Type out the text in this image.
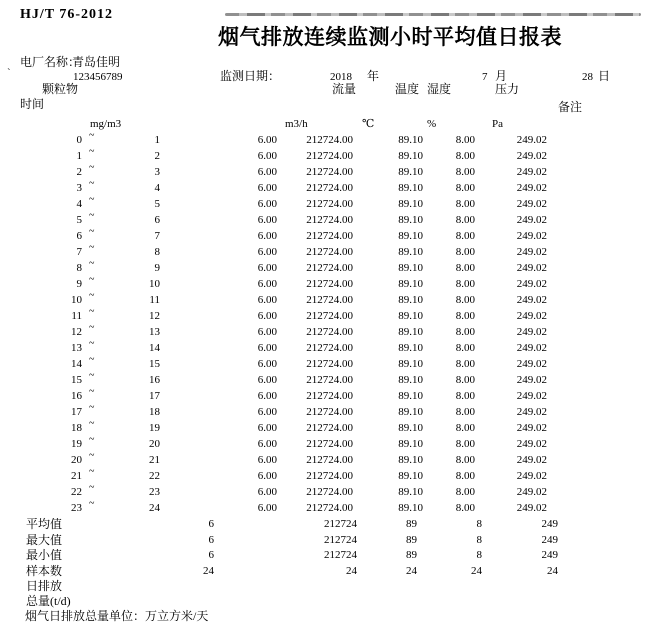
HJ/T 76-2012
烟气排放连续监测小时平均值日报表
电厂名称：
青岛佳明
`	123456789	监测日期：	2018 年	7 月	28 日
颗粒物	流量	温度 湿度	压力
时间	备注
mg/m3	m3/h	℃	%	Pa
0 ~	1	6.00	212724.00	89.10	8.00	249.02
1 ~	2	6.00	212724.00	89.10	8.00	249.02
2 ~	3	6.00	212724.00	89.10	8.00	249.02
3 ~	4	6.00	212724.00	89.10	8.00	249.02
4 ~	5	6.00	212724.00	89.10	8.00	249.02
5 ~	6	6.00	212724.00	89.10	8.00	249.02
6 ~	7	6.00	212724.00	89.10	8.00	249.02
7 ~	8	6.00	212724.00	89.10	8.00	249.02
8 ~	9	6.00	212724.00	89.10	8.00	249.02
9 ~	10	6.00	212724.00	89.10	8.00	249.02
10 ~	11	6.00	212724.00	89.10	8.00	249.02
11 ~	12	6.00	212724.00	89.10	8.00	249.02
12 ~	13	6.00	212724.00	89.10	8.00	249.02
13 ~	14	6.00	212724.00	89.10	8.00	249.02
14 ~	15	6.00	212724.00	89.10	8.00	249.02
15 ~	16	6.00	212724.00	89.10	8.00	249.02
16 ~	17	6.00	212724.00	89.10	8.00	249.02
17 ~	18	6.00	212724.00	89.10	8.00	249.02
18 ~	19	6.00	212724.00	89.10	8.00	249.02
19 ~	20	6.00	212724.00	89.10	8.00	249.02
20 ~	21	6.00	212724.00	89.10	8.00	249.02
21 ~	22	6.00	212724.00	89.10	8.00	249.02
22 ~	23	6.00	212724.00	89.10	8.00	249.02
23 ~	24	6.00	212724.00	89.10	8.00	249.02
平均值	6	212724	89	8	249
最大值	6	212724	89	8	249
最小值	6	212724	89	8	249
样本数	24	24	24	24	24
日排放
总量(t/d)
烟气日排放总量单位：万立方米/天
